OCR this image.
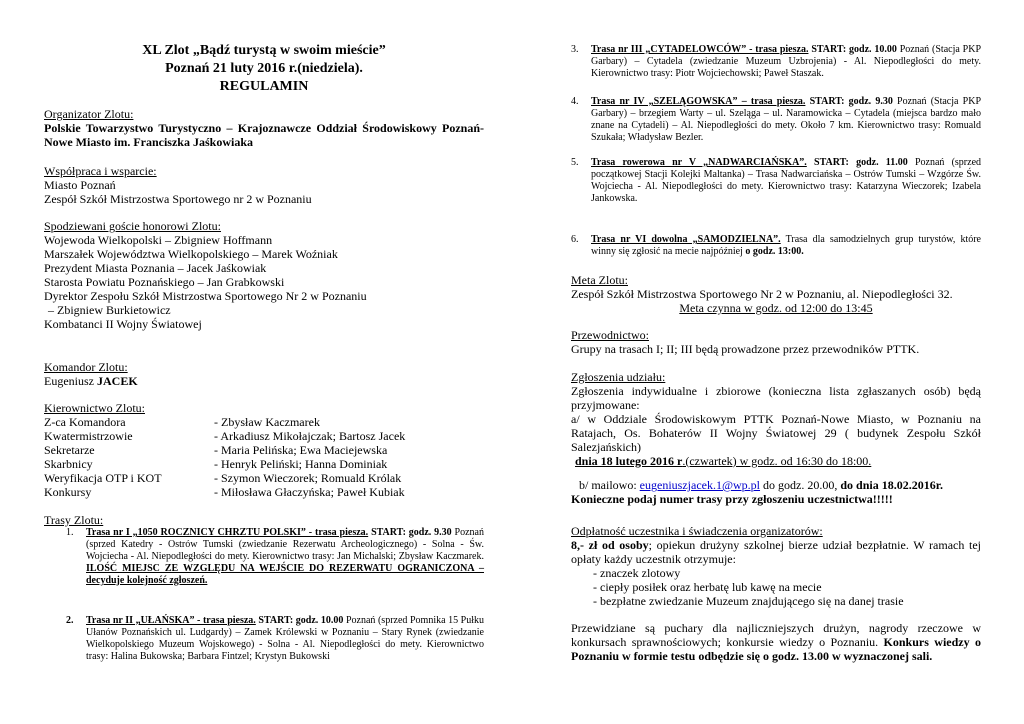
XL Zlot „Bądź turystą w swoim mieście”
Poznań 21 luty 2016 r.(niedziela).
REGULAMIN
Organizator Zlotu:
Polskie Towarzystwo Turystyczno – Krajoznawcze Oddział Środowiskowy Poznań-Nowe Miasto im. Franciszka Jaśkowiaka
Współpraca i wsparcie:
Miasto Poznań
Zespół Szkół Mistrzostwa Sportowego nr 2 w Poznaniu
Spodziewani goście honorowi Zlotu:
Wojewoda Wielkopolski – Zbigniew Hoffmann
Marszałek Województwa Wielkopolskiego – Marek Woźniak
Prezydent Miasta Poznania – Jacek Jaśkowiak
Starosta Powiatu Poznańskiego – Jan Grabkowski
Dyrektor Zespołu Szkół Mistrzostwa Sportowego Nr 2 w Poznaniu
– Zbigniew Burkietowicz
Kombatanci II Wojny Światowej
Komandor Zlotu:
Eugeniusz JACEK
Kierownictwo Zlotu:
Z-ca Komandora	- Zbysław Kaczmarek
Kwatermistrzowie	- Arkadiusz Mikołajczak; Bartosz Jacek
Sekretarze	- Maria Pelińska; Ewa Maciejewska
Skarbnicy	- Henryk Peliński; Hanna Dominiak
Weryfikacja OTP i KOT	- Szymon Wieczorek; Romuald Królak
Konkursy	- Miłosława Głaczyńska; Paweł Kubiak
Trasy Zlotu:
1. Trasa nr I „1050 ROCZNICY CHRZTU POLSKI” - trasa piesza. START: godz. 9.30 Poznań (sprzed Katedry - Ostrów Tumski (zwiedzanie Rezerwatu Archeologicznego) - Solna - Św. Wojciecha - Al. Niepodległości do mety. Kierownictwo trasy: Jan Michalski; Zbysław Kaczmarek. ILOŚĆ MIEJSC ZE WZGLĘDU NA WEJŚCIE DO REZERWATU OGRANICZONA – decyduje kolejność zgłoszeń.
2. Trasa nr II „UŁAŃSKA” - trasa piesza. START: godz. 10.00 Poznań (sprzed Pomnika 15 Pułku Ułanów Poznańskich ul. Ludgardy) – Zamek Królewski w Poznaniu – Stary Rynek (zwiedzanie Wielkopolskiego Muzeum Wojskowego) - Solna - Al. Niepodległości do mety. Kierownictwo trasy: Halina Bukowska; Barbara Fintzel; Krystyn Bukowski
3. Trasa nr III „CYTADELOWCÓW” - trasa piesza. START: godz. 10.00 Poznań (Stacja PKP Garbary) – Cytadela (zwiedzanie Muzeum Uzbrojenia) - Al. Niepodległości do mety. Kierownictwo trasy: Piotr Wojciechowski; Paweł Staszak.
4. Trasa nr IV „SZELĄGOWSKA” – trasa piesza. START: godz. 9.30 Poznań (Stacja PKP Garbary) – brzegiem Warty – ul. Szeląga – ul. Naramowicka – Cytadela (miejsca bardzo mało znane na Cytadeli) – Al. Niepodległości do mety. Około 7 km. Kierownictwo trasy: Romuald Szukała; Władysław Bezler.
5. Trasa rowerowa nr V „NADWARCIAŃSKA”. START: godz. 11.00 Poznań (sprzed początkowej Stacji Kolejki Maltanka) – Trasa Nadwarciańska – Ostrów Tumski – Wzgórze Św. Wojciecha - Al. Niepodległości do mety. Kierownictwo trasy: Katarzyna Wieczorek; Izabela Jankowska.
6. Trasa nr VI dowolna „SAMODZIELNA”. Trasa dla samodzielnych grup turystów, które winny się zgłosić na mecie najpóźniej o godz. 13:00.
Meta Zlotu:
Zespół Szkół Mistrzostwa Sportowego Nr 2 w Poznaniu, al. Niepodległości 32.
Meta czynna w godz. od 12:00 do 13:45
Przewodnictwo:
Grupy na trasach I; II; III będą prowadzone przez przewodników PTTK.
Zgłoszenia udziału:
Zgłoszenia indywidualne i zbiorowe (konieczna lista zgłaszanych osób) będą przyjmowane:
a/ w Oddziale Środowiskowym PTTK Poznań-Nowe Miasto, w Poznaniu na Ratajach, Os. Bohaterów II Wojny Światowej 29 ( budynek Zespołu Szkół Salezjańskich)
dnia 18 lutego 2016 r.(czwartek) w godz. od 16:30 do 18:00.
b/ mailowo: eugeniuszjacek.1@wp.pl do godz. 20.00, do dnia 18.02.2016r.
Konieczne podaj numer trasy przy zgłoszeniu uczestnictwa!!!!!
Odpłatność uczestnika i świadczenia organizatorów:
8,- zł od osoby; opiekun drużyny szkolnej bierze udział bezpłatnie. W ramach tej opłaty każdy uczestnik otrzymuje:
- znaczek zlotowy
- ciepły posiłek oraz herbatę lub kawę na mecie
- bezpłatne zwiedzanie Muzeum znajdującego się na danej trasie
Przewidziane są puchary dla najliczniejszych drużyn, nagrody rzeczowe w konkursach sprawnościowych; konkursie wiedzy o Poznaniu. Konkurs wiedzy o Poznaniu w formie testu odbędzie się o godz. 13.00 w wyznaczonej sali.
